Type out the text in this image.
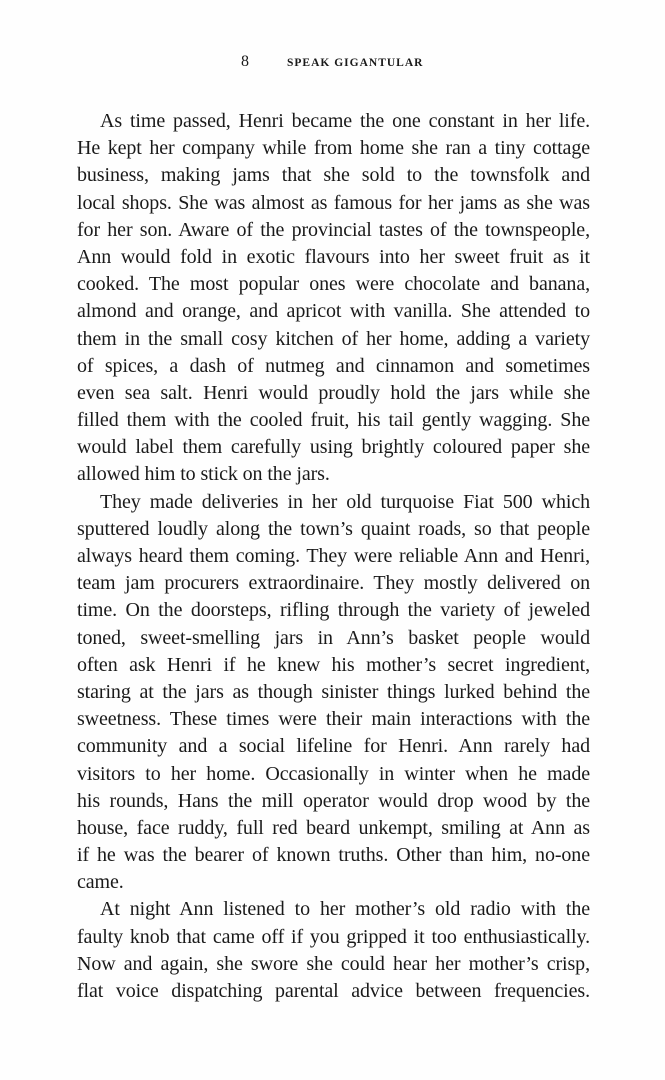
8	SPEAK GIGANTULAR
As time passed, Henri became the one constant in her life.
He kept her company while from home she ran a tiny cottage
business, making jams that she sold to the townsfolk and
local shops. She was almost as famous for her jams as she was
for her son. Aware of the provincial tastes of the townspeople,
Ann would fold in exotic flavours into her sweet fruit as it
cooked. The most popular ones were chocolate and banana,
almond and orange, and apricot with vanilla. She attended to
them in the small cosy kitchen of her home, adding a variety
of spices, a dash of nutmeg and cinnamon and sometimes
even sea salt. Henri would proudly hold the jars while she
filled them with the cooled fruit, his tail gently wagging. She
would label them carefully using brightly coloured paper she
allowed him to stick on the jars.
They made deliveries in her old turquoise Fiat 500 which
sputtered loudly along the town’s quaint roads, so that people
always heard them coming. They were reliable Ann and Henri,
team jam procurers extraordinaire. They mostly delivered on
time. On the doorsteps, rifling through the variety of jeweled
toned, sweet-smelling jars in Ann’s basket people would
often ask Henri if he knew his mother’s secret ingredient,
staring at the jars as though sinister things lurked behind the
sweetness. These times were their main interactions with the
community and a social lifeline for Henri. Ann rarely had
visitors to her home. Occasionally in winter when he made
his rounds, Hans the mill operator would drop wood by the
house, face ruddy, full red beard unkempt, smiling at Ann as
if he was the bearer of known truths. Other than him, no-one
came.
At night Ann listened to her mother’s old radio with the
faulty knob that came off if you gripped it too enthusiastically.
Now and again, she swore she could hear her mother’s crisp,
flat voice dispatching parental advice between frequencies.
